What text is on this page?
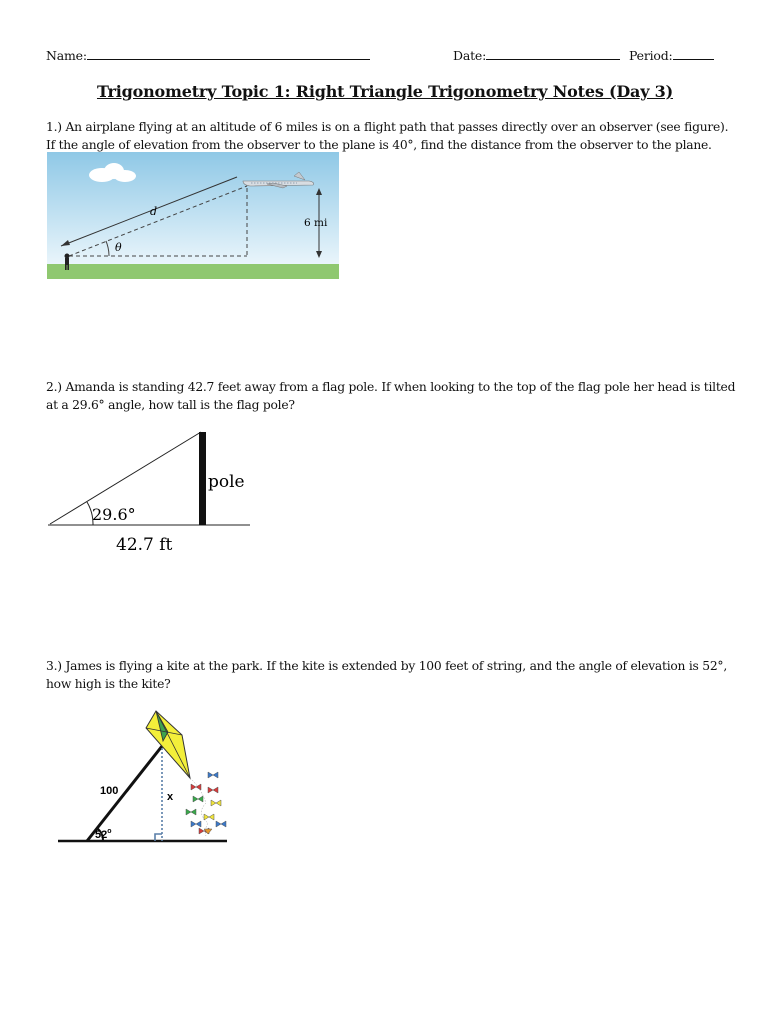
Name:	Date:	Period:
Trigonometry Topic 1: Right Triangle Trigonometry Notes (Day 3)
1.) An airplane flying at an altitude of 6 miles is on a flight path that passes directly over an observer (see figure). If the angle of elevation from the observer to the plane is 40°, find the distance from the observer to the plane.
d
θ
6 mi
2.) Amanda is standing 42.7 feet away from a flag pole. If when looking to the top of the flag pole her head is tilted at a 29.6° angle, how tall is the flag pole?
29.6°
pole
42.7 ft
3.) James is flying a kite at the park. If the kite is extended by 100 feet of string, and the angle of elevation is 52°, how high is the kite?
52$^o$
100	x
